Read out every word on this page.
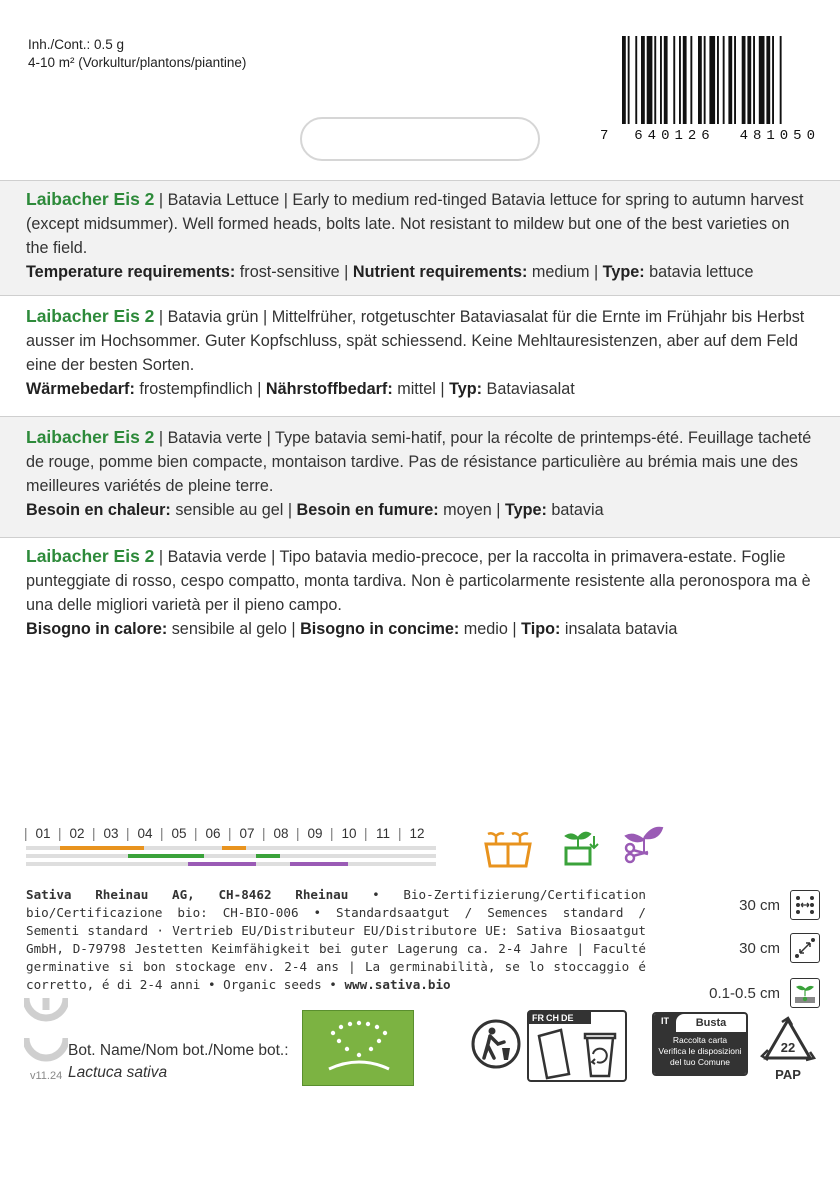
Inh./Cont.: 0.5 g
4-10 m² (Vorkultur/plantons/piantine)
7 640126 481050
Laibacher Eis 2 | Batavia Lettuce | Early to medium red-tinged Batavia lettuce for spring to autumn harvest (except midsummer). Well formed heads, bolts late. Not resistant to mildew but one of the best varieties on the field.
Temperature requirements: frost-sensitive | Nutrient requirements: medium | Type: batavia lettuce
Laibacher Eis 2 | Batavia grün | Mittelfrüher, rotgetuschter Bataviasalat für die Ernte im Frühjahr bis Herbst ausser im Hochsommer. Guter Kopfschluss, spät schiessend. Keine Mehltauresistenzen, aber auf dem Feld eine der besten Sorten.
Wärmebedarf: frostempfindlich | Nährstoffbedarf: mittel | Typ: Bataviasalat
Laibacher Eis 2 | Batavia verte | Type batavia semi-hatif, pour la récolte de printemps-été. Feuillage tacheté de rouge, pomme bien compacte, montaison tardive. Pas de résistance particulière au brémia mais une des meilleures variétés de pleine terre.
Besoin en chaleur: sensible au gel | Besoin en fumure: moyen | Type: batavia
Laibacher Eis 2 | Batavia verde | Tipo batavia medio-precoce, per la raccolta in primavera-estate. Foglie punteggiate di rosso, cespo compatto, monta tardiva. Non è particolarmente resistente alla peronospora ma è una delle migliori varietà per il pieno campo.
Bisogno in calore: sensibile al gelo | Bisogno in concime: medio | Tipo: insalata batavia
| 01	| 02	| 03	| 04	| 05	| 06	| 07	| 08	| 09	| 10	| 11	| 12
Sativa Rheinau AG, CH-8462 Rheinau • Bio-Zertifizierung/Certification bio/Certificazione bio: CH-BIO-006 • Standardsaatgut / Semences standard / Sementi standard · Vertrieb EU/Distributeur EU/Distributore UE: Sativa Biosaatgut GmbH, D-79798 Jestetten Keimfähigkeit bei guter Lagerung ca. 2-4 Jahre | Faculté germinative si bon stockage env. 2-4 ans | La germinabilità, se lo stoccaggio é corretto, é di 2-4 anni • Organic seeds • www.sativa.bio
30 cm
30 cm
0.1-0.5 cm
Bot. Name/Nom bot./Nome bot.:
Lactuca sativa
v11.24
FR CH DE	IT	Busta
Raccolta carta
Verifica le disposizioni
del tuo Comune
22
PAP
